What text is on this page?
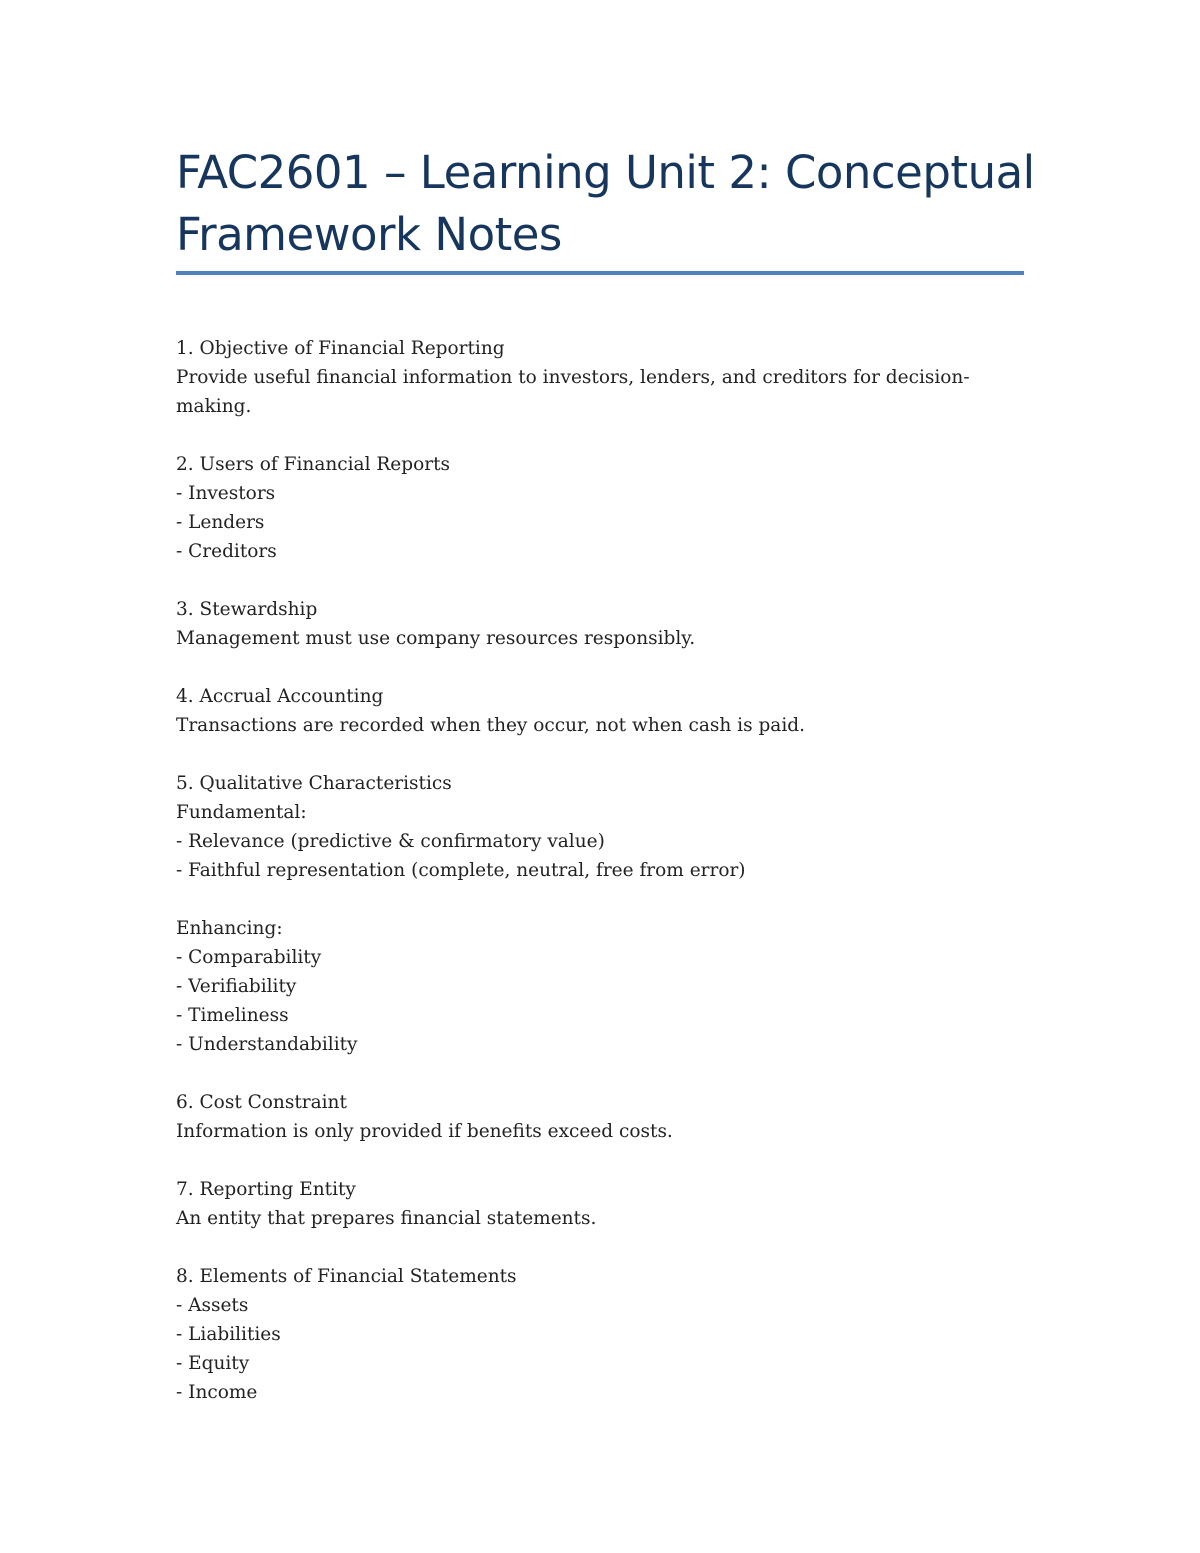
FAC2601 – Learning Unit 2: Conceptual
Framework Notes
1. Objective of Financial Reporting
Provide useful financial information to investors, lenders, and creditors for decision-
making.
2. Users of Financial Reports
- Investors
- Lenders
- Creditors
3. Stewardship
Management must use company resources responsibly.
4. Accrual Accounting
Transactions are recorded when they occur, not when cash is paid.
5. Qualitative Characteristics
Fundamental:
- Relevance (predictive & confirmatory value)
- Faithful representation (complete, neutral, free from error)
Enhancing:
- Comparability
- Verifiability
- Timeliness
- Understandability
6. Cost Constraint
Information is only provided if benefits exceed costs.
7. Reporting Entity
An entity that prepares financial statements.
8. Elements of Financial Statements
- Assets
- Liabilities
- Equity
- Income
